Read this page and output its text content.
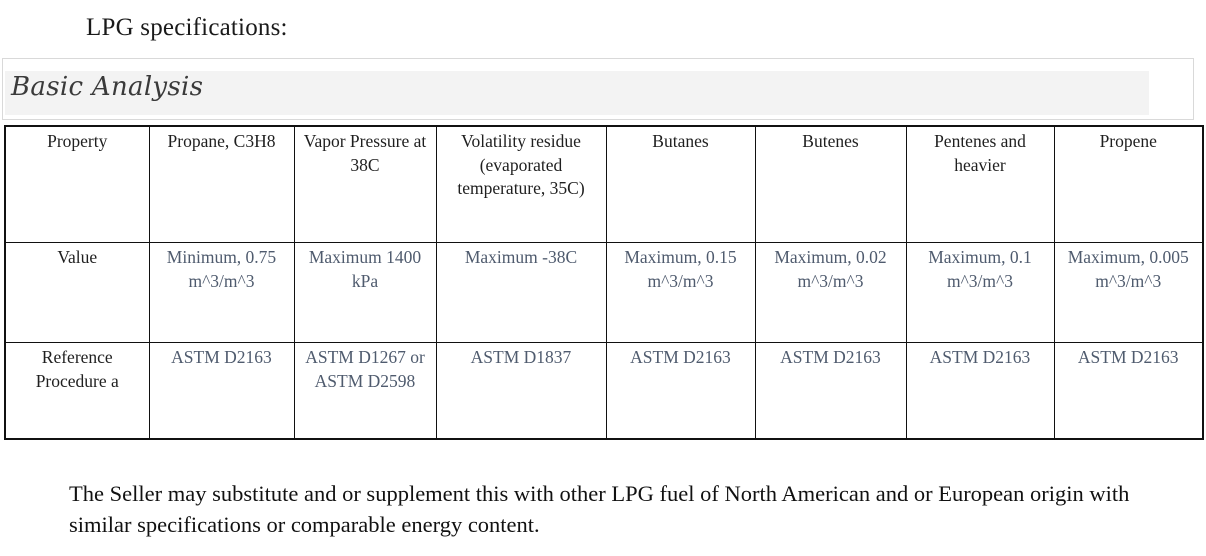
LPG specifications:
Basic Analysis
Property	Propane, C3H8	Vapor Pressure at 38C	Volatility residue (evaporated temperature, 35C)	Butanes	Butenes	Pentenes and heavier	Propene
Value	Minimum, 0.75 m^3/m^3	Maximum 1400 kPa	Maximum -38C	Maximum, 0.15 m^3/m^3	Maximum, 0.02 m^3/m^3	Maximum, 0.1 m^3/m^3	Maximum, 0.005 m^3/m^3
Reference Procedure a	ASTM D2163	ASTM D1267 or ASTM D2598	ASTM D1837	ASTM D2163	ASTM D2163	ASTM D2163	ASTM D2163
The Seller may substitute and or supplement this with other LPG fuel of North American and or European origin with similar specifications or comparable energy content.
